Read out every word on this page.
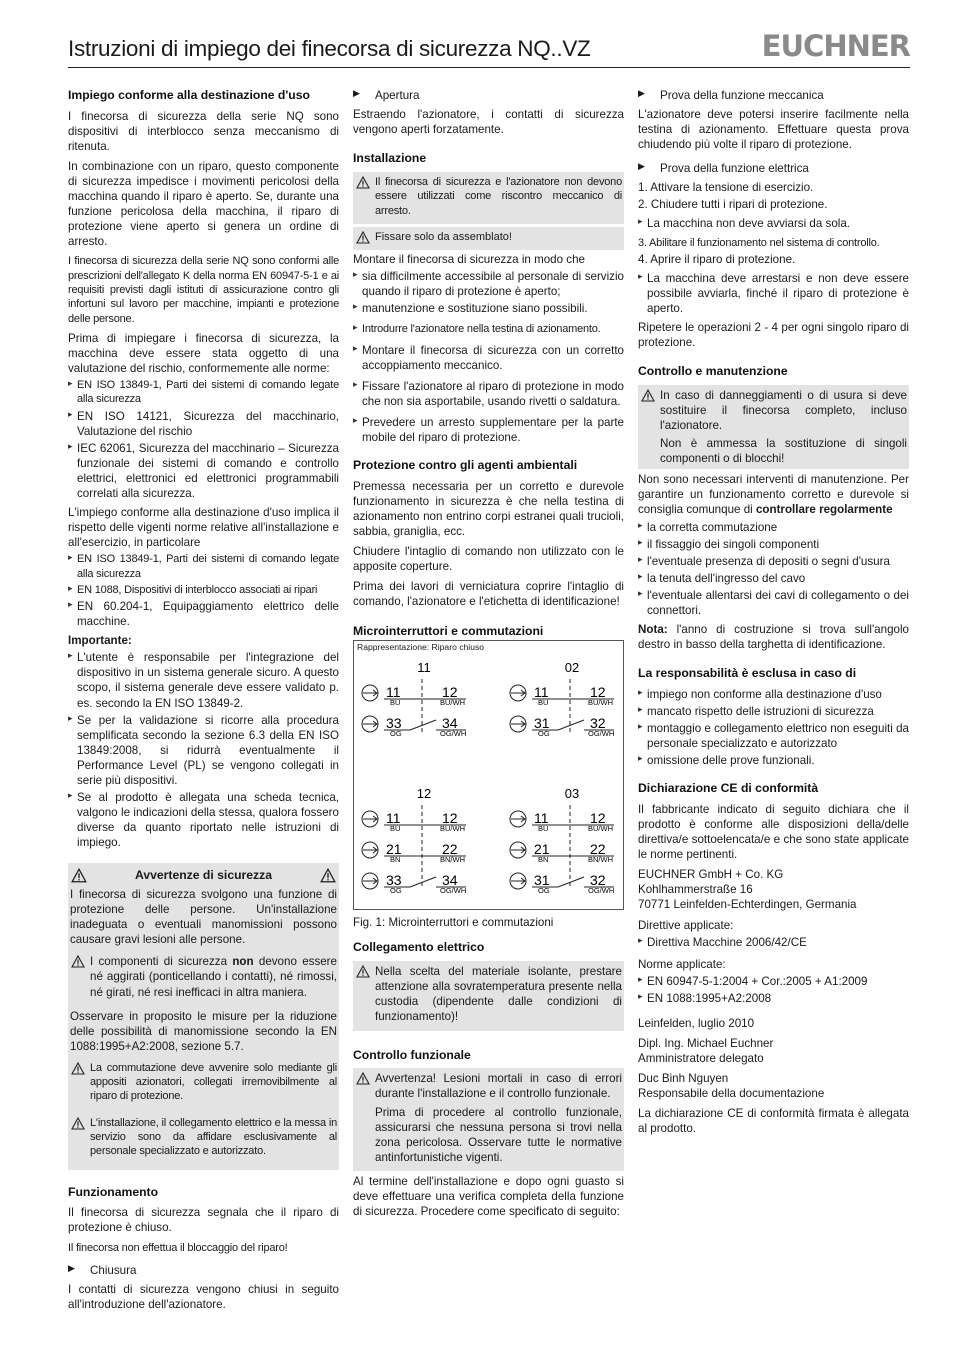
Istruzioni di impiego dei finecorsa di sicurezza NQ..VZ	EUCHNER
Impiego conforme alla destinazione d'uso

I finecorsa di sicurezza della serie NQ sono dispositivi di interblocco senza meccanismo di ritenuta.

In combinazione con un riparo, questo componente di sicurezza impedisce i movimenti pericolosi della macchina quando il riparo è aperto. Se, durante una funzione pericolosa della macchina, il riparo di protezione viene aperto si genera un ordine di arresto.

I finecorsa di sicurezza della serie NQ sono conformi alle prescrizioni dell'allegato K della norma EN 60947-5-1 e ai requisiti previsti dagli istituti di assicurazione contro gli infortuni sul lavoro per macchine, impianti e protezione delle persone.

Prima di impiegare i finecorsa di sicurezza, la macchina deve essere stata oggetto di una valutazione del rischio, conformemente alle norme:

▸ EN ISO 13849-1, Parti dei sistemi di comando legate alla sicurezza
▸ EN ISO 14121, Sicurezza del macchinario, Valutazione del rischio
▸ IEC 62061, Sicurezza del macchinario – Sicurezza funzionale dei sistemi di comando e controllo elettrici, elettronici ed elettronici programmabili correlati alla sicurezza.

L'impiego conforme alla destinazione d'uso implica il rispetto delle vigenti norme relative all'installazione e all'esercizio, in particolare

▸ EN ISO 13849-1, Parti dei sistemi di comando legate alla sicurezza
▸ EN 1088, Dispositivi di interblocco associati ai ripari
▸ EN 60.204-1, Equipaggiamento elettrico delle macchine.
Importante:
▸ L'utente è responsabile per l'integrazione del dispositivo in un sistema generale sicuro. A questo scopo, il sistema generale deve essere validato p. es. secondo la EN ISO 13849-2.
▸ Se per la validazione si ricorre alla procedura semplificata secondo la sezione 6.3 della EN ISO 13849:2008, si ridurrà eventualmente il Performance Level (PL) se vengono collegati in serie più dispositivi.
▸ Se al prodotto è allegata una scheda tecnica, valgono le indicazioni della stessa, qualora fossero diverse da quanto riportato nelle istruzioni di impiego.
Avvertenze di sicurezza
I finecorsa di sicurezza svolgono una funzione di protezione delle persone. Un'installazione inadeguata o eventuali manomissioni possono causare gravi lesioni alle persone.

I componenti di sicurezza non devono essere né aggirati (ponticellando i contatti), né rimossi, né girati, né resi inefficaci in altra maniera.

Osservare in proposito le misure per la riduzione delle possibilità di manomissione secondo la EN 1088:1995+A2:2008, sezione 5.7.

La commutazione deve avvenire solo mediante gli appositi azionatori, collegati irremovibilmente al riparo di protezione.

L'installazione, il collegamento elettrico e la messa in servizio sono da affidare esclusivamente al personale specializzato e autorizzato.

Funzionamento

Il finecorsa di sicurezza segnala che il riparo di protezione è chiuso.

Il finecorsa non effettua il bloccaggio del riparo!

▶ Chiusura

I contatti di sicurezza vengono chiusi in seguito all'introduzione dell'azionatore.

▶ Apertura

Estraendo l'azionatore, i contatti di sicurezza vengono aperti forzatamente.

Installazione

Il finecorsa di sicurezza e l'azionatore non devono essere utilizzati come riscontro meccanico di arresto.

Fissare solo da assemblato!

Montare il finecorsa di sicurezza in modo che

▸ sia difficilmente accessibile al personale di servizio quando il riparo di protezione è aperto;
▸ manutenzione e sostituzione siano possibili.
▸ Introdurre l'azionatore nella testina di azionamento.
▸ Montare il finecorsa di sicurezza con un corretto accoppiamento meccanico.
▸ Fissare l'azionatore al riparo di protezione in modo che non sia asportabile, usando rivetti o saldatura.
▸ Prevedere un arresto supplementare per la parte mobile del riparo di protezione.
Protezione contro gli agenti ambientali

Premessa necessaria per un corretto e durevole funzionamento in sicurezza è che nella testina di azionamento non entrino corpi estranei quali trucioli, sabbia, graniglia, ecc.

Chiudere l'intaglio di comando non utilizzato con le apposite coperture.

Prima dei lavori di verniciatura coprire l'intaglio di comando, l'azionatore e l'etichetta di identificazione!

Microinterruttori e commutazioni
Rappresentazione: Riparo chiuso
11
11
BU
12
BU/WH
33
OG
34
OG/WH
02
11
BU
12
BU/WH
31
OG
32
OG/WH
12
11
BU
12
BU/WH
21
BN
22
BN/WH
33
OG
34
OG/WH
03
11
BU
12
BU/WH
21
BN
22
BN/WH
31
OG
32
OG/WH
Fig. 1: Microinterruttori e commutazioni
Collegamento elettrico

Nella scelta del materiale isolante, prestare attenzione alla sovratemperatura presente nella custodia (dipendente dalle condizioni di funzionamento)!

Controllo funzionale

Avvertenza! Lesioni mortali in caso di errori durante l'installazione e il controllo funzionale.

Prima di procedere al controllo funzionale, assicurarsi che nessuna persona si trovi nella zona pericolosa. Osservare tutte le normative antinfortunistiche vigenti.

Al termine dell'installazione e dopo ogni guasto si deve effettuare una verifica completa della funzione di sicurezza. Procedere come specificato di seguito:

▶ Prova della funzione meccanica

L'azionatore deve potersi inserire facilmente nella testina di azionamento. Effettuare questa prova chiudendo più volte il riparo di protezione.

▶ Prova della funzione elettrica
1. Attivare la tensione di esercizio.
2. Chiudere tutti i ripari di protezione.
▸ La macchina non deve avviarsi da sola.
3. Abilitare il funzionamento nel sistema di controllo.
4. Aprire il riparo di protezione.
▸ La macchina deve arrestarsi e non deve essere possibile avviarla, finché il riparo di protezione è aperto.

Ripetere le operazioni 2 - 4 per ogni singolo riparo di protezione.

Controllo e manutenzione

In caso di danneggiamenti o di usura si deve sostituire il finecorsa completo, incluso l'azionatore.

Non è ammessa la sostituzione di singoli componenti o di blocchi!

Non sono necessari interventi di manutenzione. Per garantire un funzionamento corretto e durevole si consiglia comunque di controllare regolarmente

▸ la corretta commutazione
▸ il fissaggio dei singoli componenti
▸ l'eventuale presenza di depositi o segni d'usura
▸ la tenuta dell'ingresso del cavo
▸ l'eventuale allentarsi dei cavi di collegamento o dei connettori.

Nota: l'anno di costruzione si trova sull'angolo destro in basso della targhetta di identificazione.

La responsabilità è esclusa in caso di
▸ impiego non conforme alla destinazione d'uso
▸ mancato rispetto delle istruzioni di sicurezza
▸ montaggio e collegamento elettrico non eseguiti da personale specializzato e autorizzato
▸ omissione delle prove funzionali.
Dichiarazione CE di conformità

Il fabbricante indicato di seguito dichiara che il prodotto è conforme alle disposizioni della/delle direttiva/e sottoelencata/e e che sono state applicate le norme pertinenti.

EUCHNER GmbH + Co. KG
Kohlhammerstraße 16
70771 Leinfelden-Echterdingen, Germania
Direttive applicate:
▸ Direttiva Macchine 2006/42/CE
Norme applicate:
▸ EN 60947-5-1:2004 + Cor.:2005 + A1:2009
▸ EN 1088:1995+A2:2008

Leinfelden, luglio 2010

Dipl. Ing. Michael Euchner
Amministratore delegato
Duc Binh Nguyen
Responsabile della documentazione

La dichiarazione CE di conformità firmata è allegata al prodotto.
